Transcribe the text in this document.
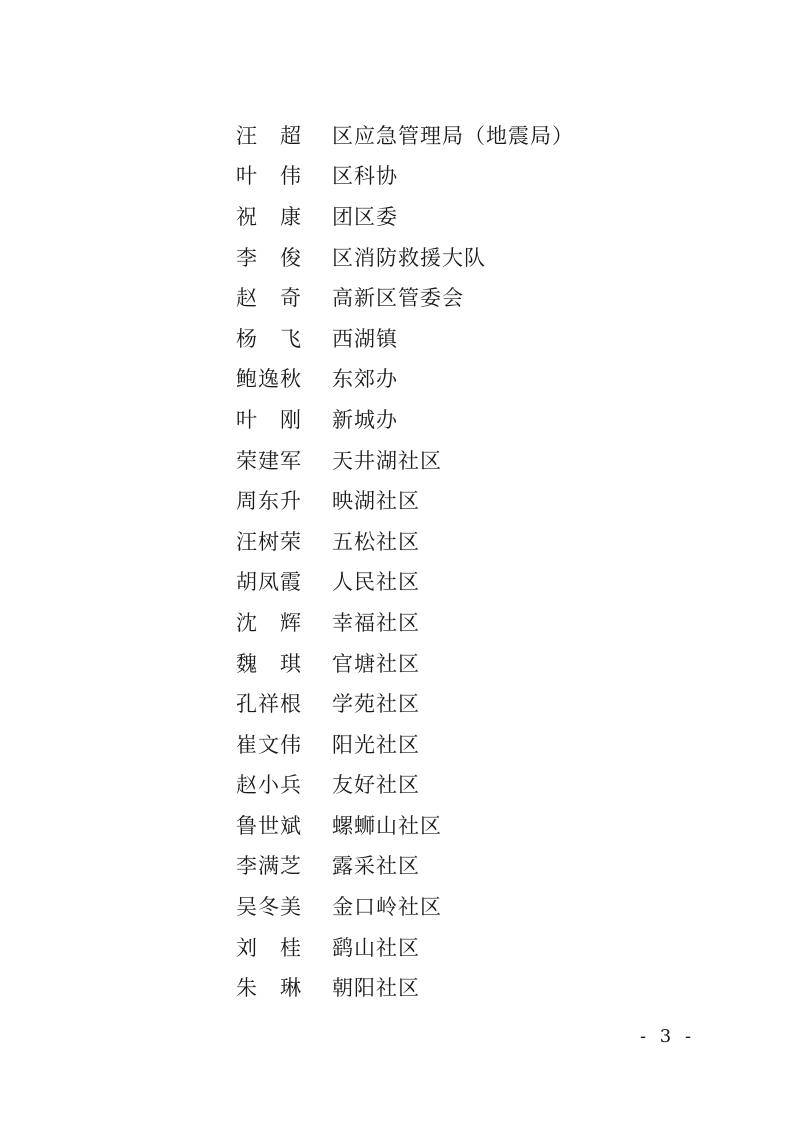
汪　超	区应急管理局（地震局）
叶　伟	区科协
祝　康	团区委
李　俊	区消防救援大队
赵　奇	高新区管委会
杨　飞	西湖镇
鲍逸秋	东郊办
叶　刚	新城办
荣建军	天井湖社区
周东升	映湖社区
汪树荣	五松社区
胡凤霞	人民社区
沈　辉	幸福社区
魏　琪	官塘社区
孔祥根	学苑社区
崔文伟	阳光社区
赵小兵	友好社区
鲁世斌	螺蛳山社区
李满芝	露采社区
吴冬美	金口岭社区
刘　桂	鹞山社区
朱　琳	朝阳社区
- 3 -
